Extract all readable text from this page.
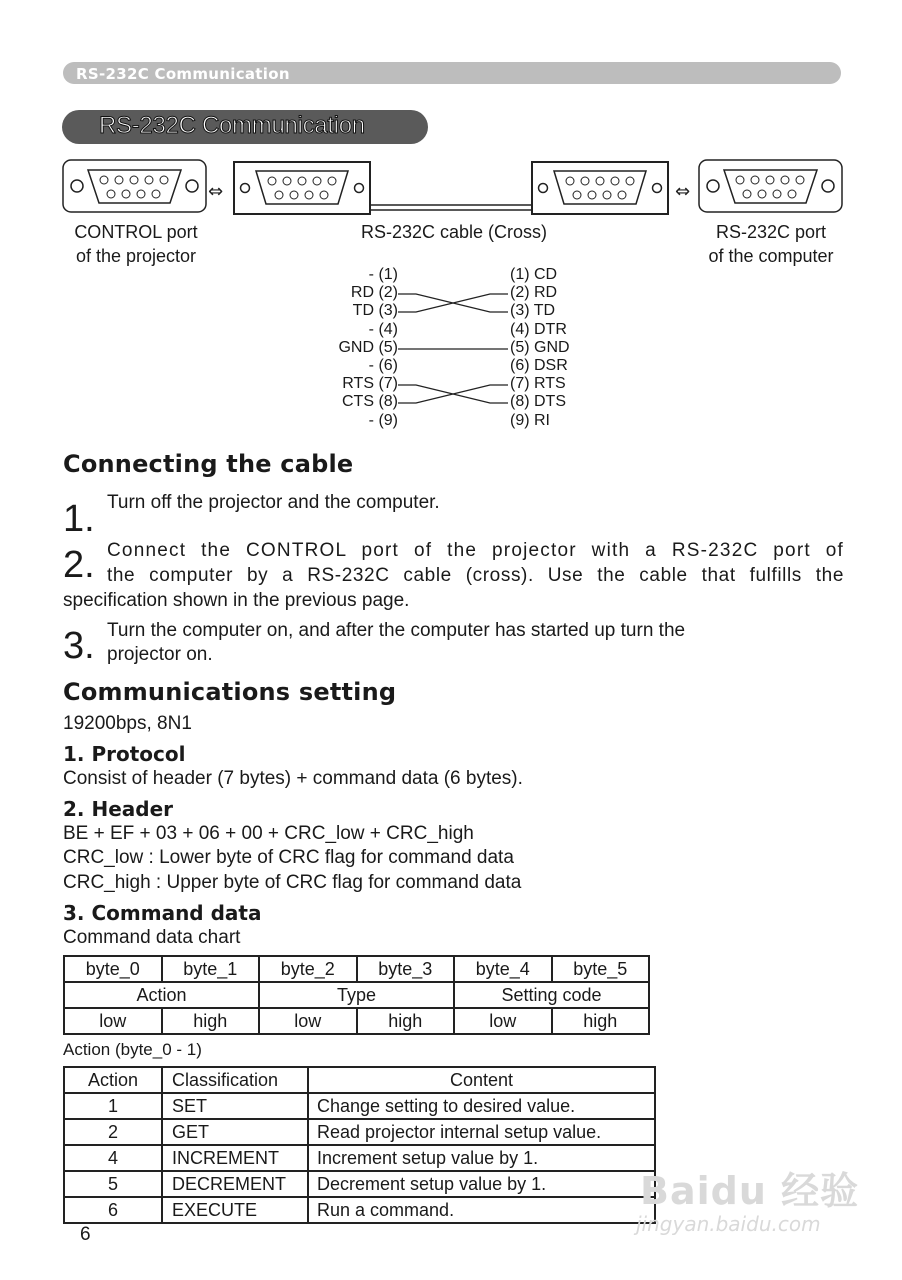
RS-232C Communication
RS-232C Communication
⇔	⇔
CONTROL port
of the projector
RS-232C cable (Cross)	RS-232C port
of the computer
- (1)
RD (2)
TD (3)
- (4)
GND (5)
- (6)
RTS (7)
CTS (8)
- (9)
(1) CD
(2) RD
(3) TD
(4) DTR
(5) GND
(6) DSR
(7) RTS
(8) DTS
(9) RI
Connecting the cable
1. Turn off the projector and the computer.
2. Connect the CONTROL port of the projector with a RS-232C port of
the computer by a RS-232C cable (cross). Use the cable that fulfills the
specification shown in the previous page.
3. Turn the computer on, and after the computer has started up turn the
projector on.
Communications setting
19200bps, 8N1
1. Protocol
Consist of header (7 bytes) + command data (6 bytes).
2. Header
BE + EF + 03 + 06 + 00 + CRC_low + CRC_high
CRC_low : Lower byte of CRC flag for command data
CRC_high : Upper byte of CRC flag for command data
3. Command data
Command data chart
byte_0	byte_1	byte_2	byte_3	byte_4	byte_5
Action		Type		Setting code	
low	high	low	high	low	high
Action (byte_0 - 1)
Action	Classification	Content
1	SET	Change setting to desired value.
2	GET	Read projector internal setup value.
4	INCREMENT	Increment setup value by 1.
5	DECREMENT	Decrement setup value by 1.
6	EXECUTE	Run a command.
6
Baidu 经验
jingyan.baidu.com
